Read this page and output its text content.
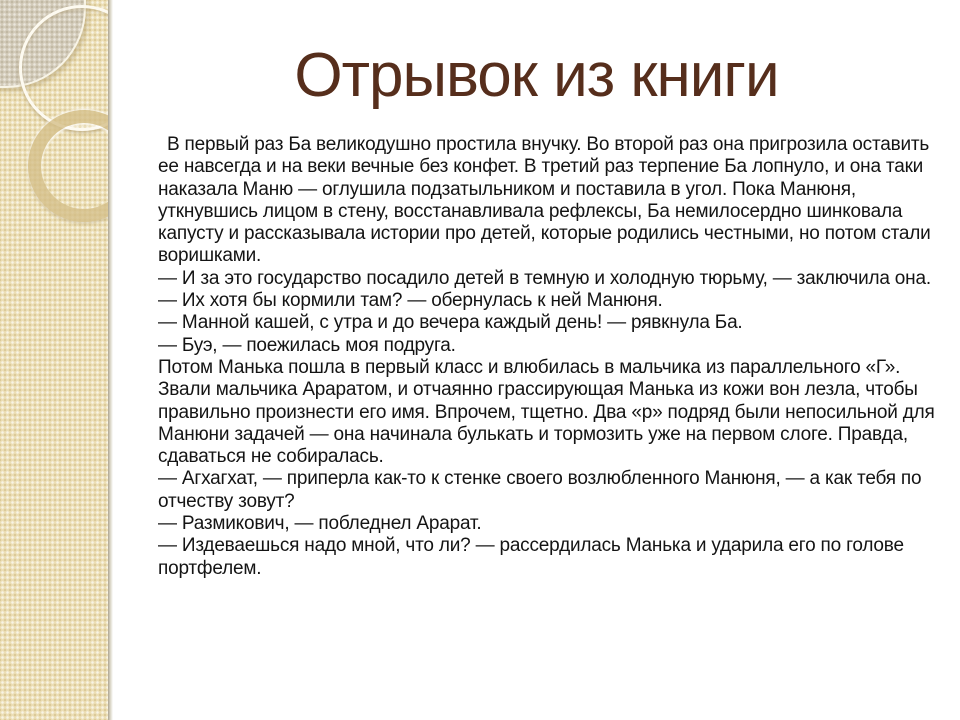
Отрывок из книги

В первый раз Ба великодушно простила внучку. Во второй раз она пригрозила оставить ее навсегда и на веки вечные без конфет. В третий раз терпение Ба лопнуло, и она таки наказала Маню — оглушила подзатыльником и поставила в угол. Пока Манюня, уткнувшись лицом в стену, восстанавливала рефлексы, Ба немилосердно шинковала капусту и рассказывала истории про детей, которые родились честными, но потом стали воришками.

— И за это государство посадило детей в темную и холодную тюрьму, — заключила она.

— Их хотя бы кормили там? — обернулась к ней Манюня.

— Манной кашей, с утра и до вечера каждый день! — рявкнула Ба.

— Буэ, — поежилась моя подруга.

Потом Манька пошла в первый класс и влюбилась в мальчика из параллельного «Г». Звали мальчика Араратом, и отчаянно грассирующая Манька из кожи вон лезла, чтобы правильно произнести его имя. Впрочем, тщетно. Два «р» подряд были непосильной для Манюни задачей — она начинала булькать и тормозить уже на первом слоге. Правда, сдаваться не собиралась.

— Агхагхат, — приперла как-то к стенке своего возлюбленного Манюня, — а как тебя по отчеству зовут?

— Размикович, — побледнел Арарат.

— Издеваешься надо мной, что ли? — рассердилась Манька и ударила его по голове портфелем.
